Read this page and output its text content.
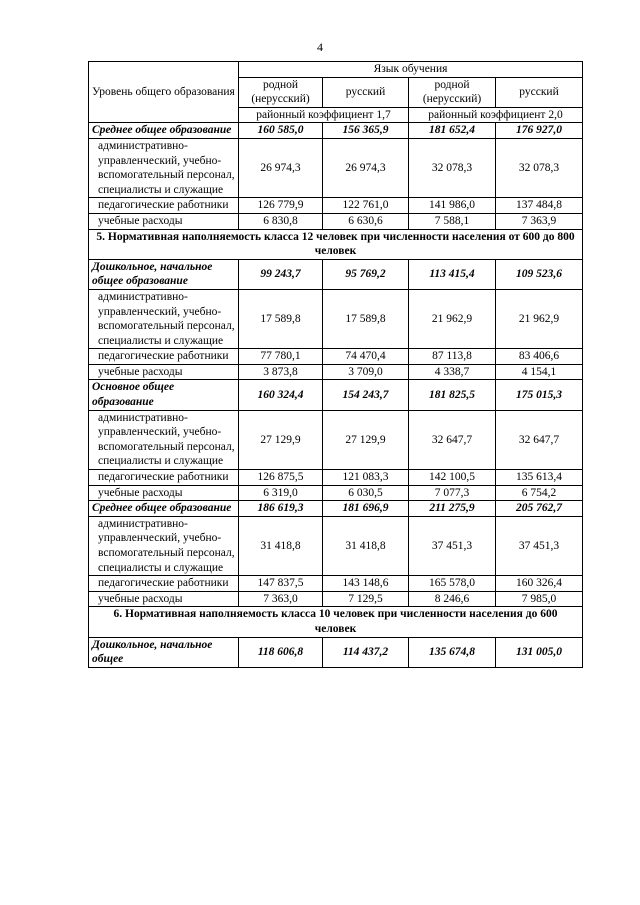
4
Уровень общего образования	Язык обучения			
	родной (нерусский)	русский	родной (нерусский)	русский
	районный коэффициент 1,7		районный коэффициент 2,0	
Среднее общее образование	160 585,0	156 365,9	181 652,4	176 927,0
административно-управленческий, учебно-вспомогательный персонал, специалисты и служащие	26 974,3	26 974,3	32 078,3	32 078,3
педагогические работники	126 779,9	122 761,0	141 986,0	137 484,8
учебные расходы	6 830,8	6 630,6	7 588,1	7 363,9
5. Нормативная наполняемость класса 12 человек при численности населения от 600 до 800 человек				
Дошкольное, начальное общее образование	99 243,7	95 769,2	113 415,4	109 523,6
административно-управленческий, учебно-вспомогательный персонал, специалисты и служащие	17 589,8	17 589,8	21 962,9	21 962,9
педагогические работники	77 780,1	74 470,4	87 113,8	83 406,6
учебные расходы	3 873,8	3 709,0	4 338,7	4 154,1
Основное общее образование	160 324,4	154 243,7	181 825,5	175 015,3
административно-управленческий, учебно-вспомогательный персонал, специалисты и служащие	27 129,9	27 129,9	32 647,7	32 647,7
педагогические работники	126 875,5	121 083,3	142 100,5	135 613,4
учебные расходы	6 319,0	6 030,5	7 077,3	6 754,2
Среднее общее образование	186 619,3	181 696,9	211 275,9	205 762,7
административно-управленческий, учебно-вспомогательный персонал, специалисты и служащие	31 418,8	31 418,8	37 451,3	37 451,3
педагогические работники	147 837,5	143 148,6	165 578,0	160 326,4
учебные расходы	7 363,0	7 129,5	8 246,6	7 985,0
6. Нормативная наполняемость класса 10 человек при численности населения до 600 человек				
Дошкольное, начальное общее	118 606,8	114 437,2	135 674,8	131 005,0
